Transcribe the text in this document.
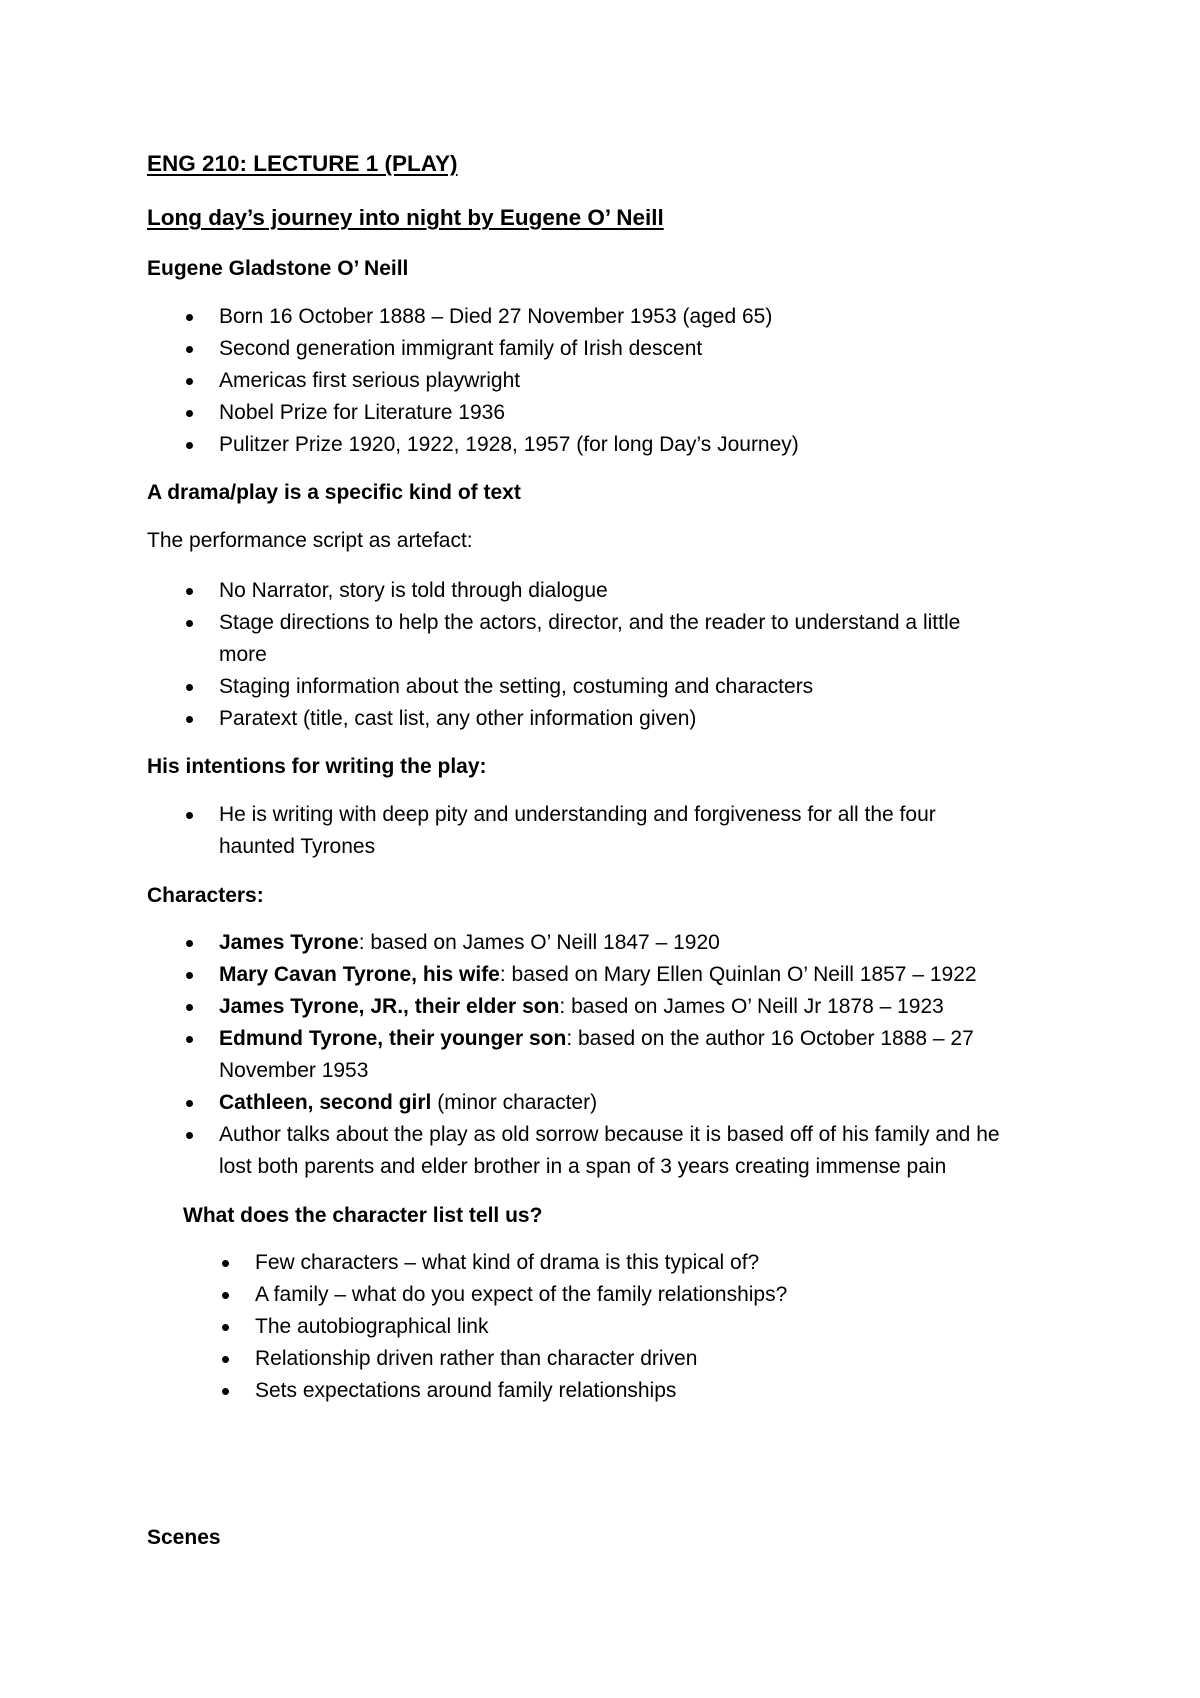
ENG 210: LECTURE 1 (PLAY)

Long day’s journey into night by Eugene O’ Neill

Eugene Gladstone O’ Neill

Born 16 October 1888 – Died 27 November 1953 (aged 65)

Second generation immigrant family of Irish descent

Americas first serious playwright

Nobel Prize for Literature 1936

Pulitzer Prize 1920, 1922, 1928, 1957 (for long Day’s Journey)

A drama/play is a specific kind of text

The performance script as artefact:

No Narrator, story is told through dialogue

Stage directions to help the actors, director, and the reader to understand a little

more

Staging information about the setting, costuming and characters

Paratext (title, cast list, any other information given)

His intentions for writing the play:

He is writing with deep pity and understanding and forgiveness for all the four

haunted Tyrones

Characters:

James Tyrone: based on James O’ Neill 1847 – 1920

Mary Cavan Tyrone, his wife: based on Mary Ellen Quinlan O’ Neill 1857 – 1922

James Tyrone, JR., their elder son: based on James O’ Neill Jr 1878 – 1923

Edmund Tyrone, their younger son: based on the author 16 October 1888 – 27

November 1953

Cathleen, second girl (minor character)

Author talks about the play as old sorrow because it is based off of his family and he

lost both parents and elder brother in a span of 3 years creating immense pain

What does the character list tell us?

Few characters – what kind of drama is this typical of?

A family – what do you expect of the family relationships?

The autobiographical link

Relationship driven rather than character driven

Sets expectations around family relationships

Scenes
